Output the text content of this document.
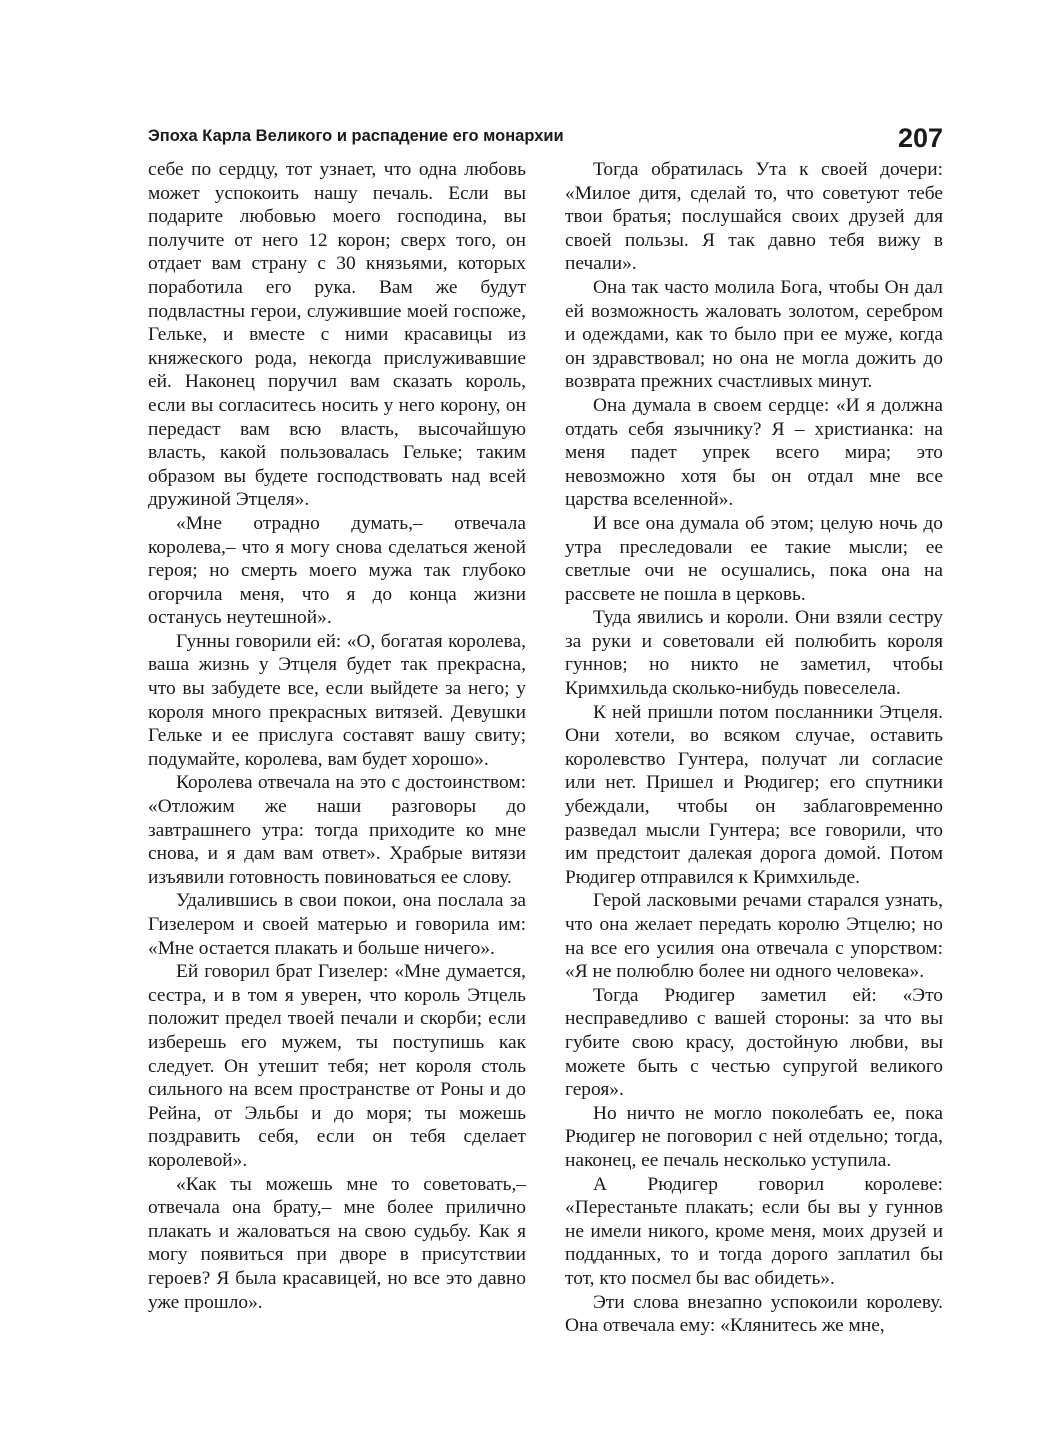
Эпоха Карла Великого и распадение его монархии	207

себе по сердцу, тот узнает, что одна любовь может успокоить нашу печаль. Если вы подарите любовью моего господина, вы получите от него 12 корон; сверх того, он отдает вам страну с 30 князьями, которых поработила его рука. Вам же будут подвластны герои, служившие моей госпоже, Гельке, и вместе с ними красавицы из княжеского рода, некогда прислуживавшие ей. Наконец поручил вам сказать король, если вы согласитесь носить у него корону, он передаст вам всю власть, высочайшую власть, какой пользовалась Гельке; таким образом вы будете господствовать над всей дружиной Этцеля».

«Мне отрадно думать,– отвечала королева,– что я могу снова сделаться женой героя; но смерть моего мужа так глубоко огорчила меня, что я до конца жизни останусь неутешной».

Гунны говорили ей: «О, богатая королева, ваша жизнь у Этцеля будет так прекрасна, что вы забудете все, если выйдете за него; у короля много прекрасных витязей. Девушки Гельке и ее прислуга составят вашу свиту; подумайте, королева, вам будет хорошо».

Королева отвечала на это с достоинством: «Отложим же наши разговоры до завтрашнего утра: тогда приходите ко мне снова, и я дам вам ответ». Храбрые витязи изъявили готовность повиноваться ее слову.

Удалившись в свои покои, она послала за Гизелером и своей матерью и говорила им: «Мне остается плакать и больше ничего».

Ей говорил брат Гизелер: «Мне думается, сестра, и в том я уверен, что король Этцель положит предел твоей печали и скорби; если изберешь его мужем, ты поступишь как следует. Он утешит тебя; нет короля столь сильного на всем пространстве от Роны и до Рейна, от Эльбы и до моря; ты можешь поздравить себя, если он тебя сделает королевой».

«Как ты можешь мне то советовать,– отвечала она брату,– мне более прилично плакать и жаловаться на свою судьбу. Как я могу появиться при дворе в присутствии героев? Я была красавицей, но все это давно уже прошло».

Тогда обратилась Ута к своей дочери: «Милое дитя, сделай то, что советуют тебе твои братья; послушайся своих друзей для своей пользы. Я так давно тебя вижу в печали».

Она так часто молила Бога, чтобы Он дал ей возможность жаловать золотом, серебром и одеждами, как то было при ее муже, когда он здравствовал; но она не могла дожить до возврата прежних счастливых минут.

Она думала в своем сердце: «И я должна отдать себя язычнику? Я – христианка: на меня падет упрек всего мира; это невозможно хотя бы он отдал мне все царства вселенной».

И все она думала об этом; целую ночь до утра преследовали ее такие мысли; ее светлые очи не осушались, пока она на рассвете не пошла в церковь.

Туда явились и короли. Они взяли сестру за руки и советовали ей полюбить короля гуннов; но никто не заметил, чтобы Кримхильда сколько-нибудь повеселела.

К ней пришли потом посланники Этцеля. Они хотели, во всяком случае, оставить королевство Гунтера, получат ли согласие или нет. Пришел и Рюдигер; его спутники убеждали, чтобы он заблаговременно разведал мысли Гунтера; все говорили, что им предстоит далекая дорога домой. Потом Рюдигер отправился к Кримхильде.

Герой ласковыми речами старался узнать, что она желает передать королю Этцелю; но на все его усилия она отвечала с упорством: «Я не полюблю более ни одного человека».

Тогда Рюдигер заметил ей: «Это несправедливо с вашей стороны: за что вы губите свою красу, достойную любви, вы можете быть с честью супругой великого героя».

Но ничто не могло поколебать ее, пока Рюдигер не поговорил с ней отдельно; тогда, наконец, ее печаль несколько уступила.

А Рюдигер говорил королеве: «Перестаньте плакать; если бы вы у гуннов не имели никого, кроме меня, моих друзей и подданных, то и тогда дорого заплатил бы тот, кто посмел бы вас обидеть».

Эти слова внезапно успокоили королеву. Она отвечала ему: «Клянитесь же мне,
